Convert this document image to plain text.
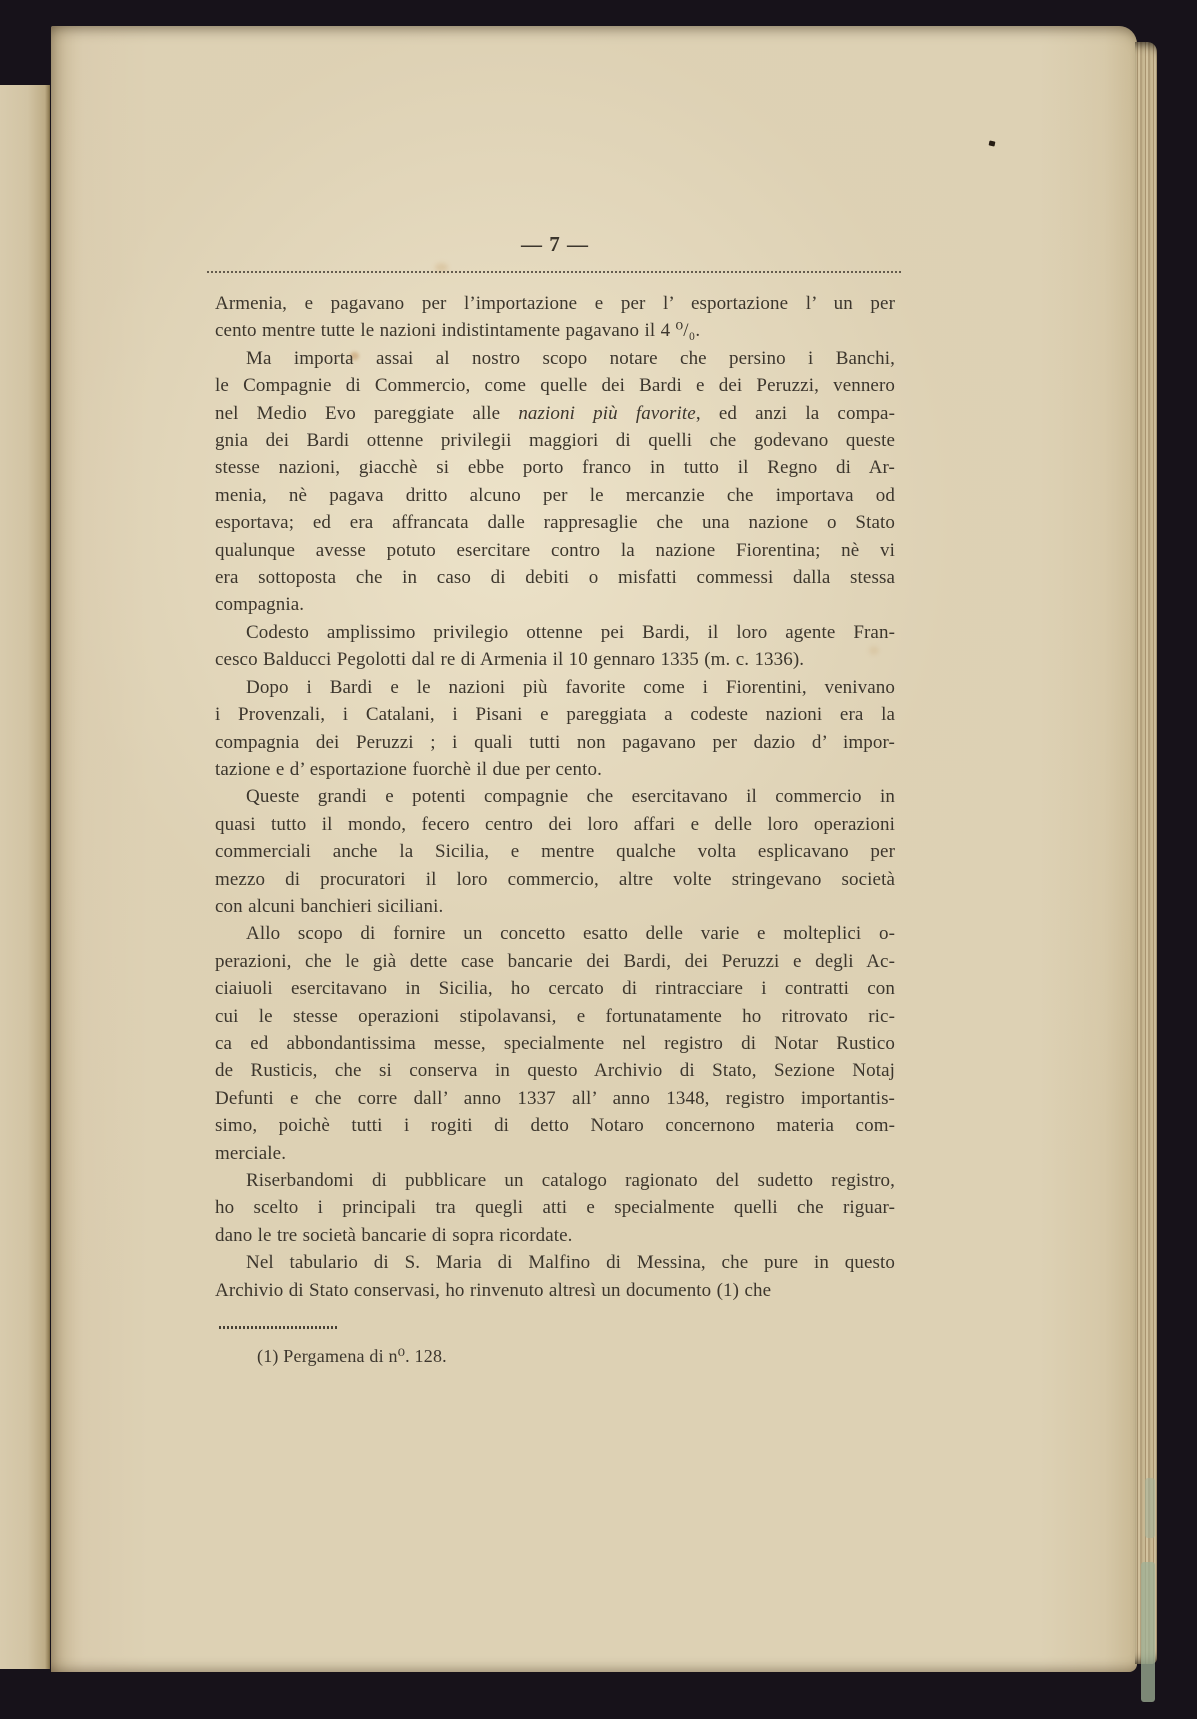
— 7 —
Armenia, e pagavano per l’importazione e per l’ esportazione l’ un per
cento mentre tutte le nazioni indistintamente pagavano il 4 ⁰/₀.
Ma importa assai al nostro scopo notare che persino i Banchi,
le Compagnie di Commercio, come quelle dei Bardi e dei Peruzzi, vennero
nel Medio Evo pareggiate alle nazioni più favorite, ed anzi la compa-
gnia dei Bardi ottenne privilegii maggiori di quelli che godevano queste
stesse nazioni, giacchè si ebbe porto franco in tutto il Regno di Ar-
menia, nè pagava dritto alcuno per le mercanzie che importava od
esportava; ed era affrancata dalle rappresaglie che una nazione o Stato
qualunque avesse potuto esercitare contro la nazione Fiorentina; nè vi
era sottoposta che in caso di debiti o misfatti commessi dalla stessa
compagnia.
Codesto amplissimo privilegio ottenne pei Bardi, il loro agente Fran-
cesco Balducci Pegolotti dal re di Armenia il 10 gennaro 1335 (m. c. 1336).
Dopo i Bardi e le nazioni più favorite come i Fiorentini, venivano
i Provenzali, i Catalani, i Pisani e pareggiata a codeste nazioni era la
compagnia dei Peruzzi ; i quali tutti non pagavano per dazio d’ impor-
tazione e d’ esportazione fuorchè il due per cento.
Queste grandi e potenti compagnie che esercitavano il commercio in
quasi tutto il mondo, fecero centro dei loro affari e delle loro operazioni
commerciali anche la Sicilia, e mentre qualche volta esplicavano per
mezzo di procuratori il loro commercio, altre volte stringevano società
con alcuni banchieri siciliani.
Allo scopo di fornire un concetto esatto delle varie e molteplici o-
perazioni, che le già dette case bancarie dei Bardi, dei Peruzzi e degli Ac-
ciaiuoli esercitavano in Sicilia, ho cercato di rintracciare i contratti con
cui le stesse operazioni stipolavansi, e fortunatamente ho ritrovato ric-
ca ed abbondantissima messe, specialmente nel registro di Notar Rustico
de Rusticis, che si conserva in questo Archivio di Stato, Sezione Notaj
Defunti e che corre dall’ anno 1337 all’ anno 1348, registro importantis-
simo, poichè tutti i rogiti di detto Notaro concernono materia com-
merciale.
Riserbandomi di pubblicare un catalogo ragionato del sudetto registro,
ho scelto i principali tra quegli atti e specialmente quelli che riguar-
dano le tre società bancarie di sopra ricordate.
Nel tabulario di S. Maria di Malfino di Messina, che pure in questo
Archivio di Stato conservasi, ho rinvenuto altresì un documento (1) che
(1) Pergamena di n⁰. 128.
